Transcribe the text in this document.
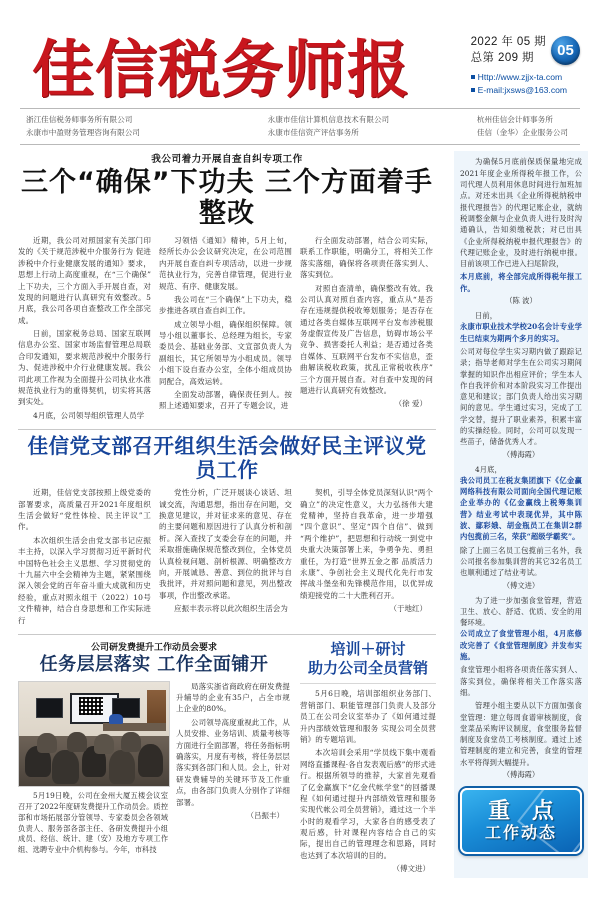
佳信税务师报	2022 年 05 期
总第 209 期	05
Http://www.zjjx-ta.com
E-mail:jxsws@163.com
浙江佳信税务师事务所有限公司
永康市中盈财务管理咨询有限公司
永康市佳信计算机信息技术有限公司
永康市佳信资产评估事务所
杭州佳信会计师事务所
佳信（金华）企业服务公司
我公司着力开展自查自纠专项工作
三个“确保”下功夫 三个方面着手整改

近期，我公司对照国家有关部门印发的《关于规范涉税中介服务行为 促进涉税中介行业健康发展的通知》要求，思想上行动上高度重视，在“三个确保”上下功夫，三个方面入手开展自查，对发现的问题进行认真研究有效整改。5月底，我公司各项自查整改工作全部完成。

日前，国家税务总局、国家互联网信息办公室、国家市场监督管理总局联合印发通知，要求规范涉税中介服务行为、促进涉税中介行业健康发展。我公司此项工作视为全面提升公司执业水准规范执业行为的重得契机，切实将其落到实处。

4月底，公司领导组织管理人员学

习领悟《通知》精神，5月上旬，经所长办公会议研究决定，在公司范围内开展自查自纠专项活动，以进一步规范执业行为，完善自律管理，促进行业规范、有序、健康发展。

我公司在“三个确保”上下功夫，稳步推进各项自查自纠工作。

成立领导小组，确保组织保障。领导小组以董事长、总经理为组长，专家委员会、基础业务部、文宣部负责人为副组长，其它所领导为小组成员。领导小组下设自查办公室，全体小组成员协同配合，高效运转。

全面发动部署，确保责任到人。按照上述通知要求，召开了专题会议，进

行全面发动部署，结合公司实际，联系工作职能，明确分工，将相关工作落实落细，确保将各项责任落实到人、落实到位。

对照自查清单，确保整改有效。我公司认真对照自查内容，重点从“是否存在违规提供税收筹划服务；是否存在通过各类自媒体互联网平台发布涉税服务虚假宣传及广告信息，妨碍市场公平竞争、损害委托人利益；是否通过各类自媒体、互联网平台发布不实信息，歪曲解读税收政策，扰乱正常税收秩序”三个方面开展自查。对自查中发现的问题进行认真研究有效整改。

（徐 爱）

佳信党支部召开组织生活会做好民主评议党员工作

近期，佳信党支部按照上级党委的部署要求，高质量召开2021年度组织生活会做好“党性体检、民主评议”工作。

本次组织生活会由党支部书记应振丰主持，以深入学习贯彻习近平新时代中国特色社会主义思想、学习贯彻党的十九届六中全会精神为主题，紧紧围绕深入领会党的百年奋斗重大成就和历史经验，重点对照永组干（2022）10号文件精神，结合自身思想和工作实际进行

党性分析，广泛开展谈心谈话、坦诚交流，沟通思想，指出存在问题，交换意见建议，并对征求来的意见、存在的主要问题和原因进行了认真分析和剖析。深入查找了支委会存在的问题，并采取措施确保规范整改到位，全体党员认真检视问题、剖析根源、明确整改方向，开展诚恳、善意、到位的批评与自我批评，并对照问题和意见，列出整改事项，作出整改承诺。

应振丰表示将以此次组织生活会为

契机，引导全体党员深刻认识“两个确立”的决定性意义，大力弘扬伟大建党精神，坚持自我革命，进一步增强“四个意识”、坚定“四个自信”、做到“两个维护”，把思想和行动统一到党中央重大决策部署上来，争勇争先、勇担重任，为打造“世界五金之都 品质活力永康”、争创社会主义现代化先行市发挥战斗堡垒和先锋模范作用，以优异成绩迎接党的二十大胜利召开。

（于地红）

公司研发费提升工作动员会要求
任务层层落实 工作全面铺开

5月19日晚，公司在金州大厦五楼会议室召开了2022年度研发费提升工作动员会。质控部和市场拓展部分管领导、专家委员会各领域负责人、服务部各部主任、各研发费提升小组成员、经信、统计、建（安）及地方专项工作组、选聘专业中介机构参与。今年，市科技

局落实浙省商政府在研发费提升辅导的企业有35户，占全市规上企业的80%。

公司领导高度重视此工作，从人员安排、业务培训、质量考核等方面进行全面部署，将任务指标明确落实，月度有考核，将任务层层落实到各部门和人员。会上，针对研发费辅导的关键环节及工作重点，由各部门负责人分别作了详细部署。

（吕振丰）

培训＋研讨
助力公司全员营销

5月6日晚，培训部组织业务部门、营销部门、职能管理部门负责人及部分员工在公司会议室举办了《如何通过提升内部绩效管理和服务 实现公司全员营销》的专题培训。

本次培训会采用“学员线下集中观看网络直播课程·各自发表观后感”的形式进行。根据所领导的推荐，大家首先观看了亿金赢旗下“亿金代帐学堂”的回播课程《如何通过提升内部绩效管理和服务 实现代帐公司全员营销》，通过这一个半小时的观看学习，大家各自的感受表了观后感，针对课程内容结合自己的实际，提出自己的管理理念和思路，同时也达到了本次培训的目的。

（傅文进）

为确保5月底前保质保量地完成2021年度企业所得税年报工作，公司代理人员利用休息时间进行加班加点。对还未出具《企业所得税纳税申报代理报告》的代理记账企业，就纳税调整金额与企业负责人进行及时沟通确认，告知须缴税款；对已出具《企业所得税纳税申报代理报告》的代理记账企业，及时进行纳税申报。目前该项工作已进入扫尾阶段，

本月底前，将全部完成所得税年报工作。

（陈 波）

日前，

永康市职业技术学校20名会计专业学生已结束为期两个多月的实习。

公司对每位学生实习期内做了跟踪记录；指导老师对学生在公司实习期间掌握的知识作出相应评价；学生本人作自我评价和对本阶段实习工作提出意见和建议；部门负责人给出实习期间的意见。学生通过实习，完成了工学交替，提升了职业素养，积累丰富的实操经验。同时，公司可以发现一些苗子，储备优秀人才。

（傅海霞）

4月底，

我公司员工在税友集团旗下《亿金赢网络科技有限公司面向全国代理记账企业举办的《亿金赢线上税筹集训营》结业考试中表现优异，其中陈波、鄢彩娥、胡金瓶员工在集训2群内包揽前三名，荣获“超级学霸奖”。

除了上面三名员工包揽前三名外，我公司报名参加集训营的其它32名员工也顺利通过了结业考试。

（傅文进）

为了进一步加强食堂管理，营造卫生、放心、舒适、优质、安全的用餐环境。

公司成立了食堂管理小组，4月底修改完善了《食堂管理制度》并发布实施。

食堂管理小组将各项责任落实到人、落实到位，确保将相关工作落实落细。

管理小组主要从以下方面加强食堂管理：建立每周食谱审核制度，食堂菜品采购评议制度，食堂服务监督制度及食堂员工考核制度。通过上述管理制度的建立和完善，食堂的管理水平将得到大幅提升。

（傅海霞）

重 点
工作动态
